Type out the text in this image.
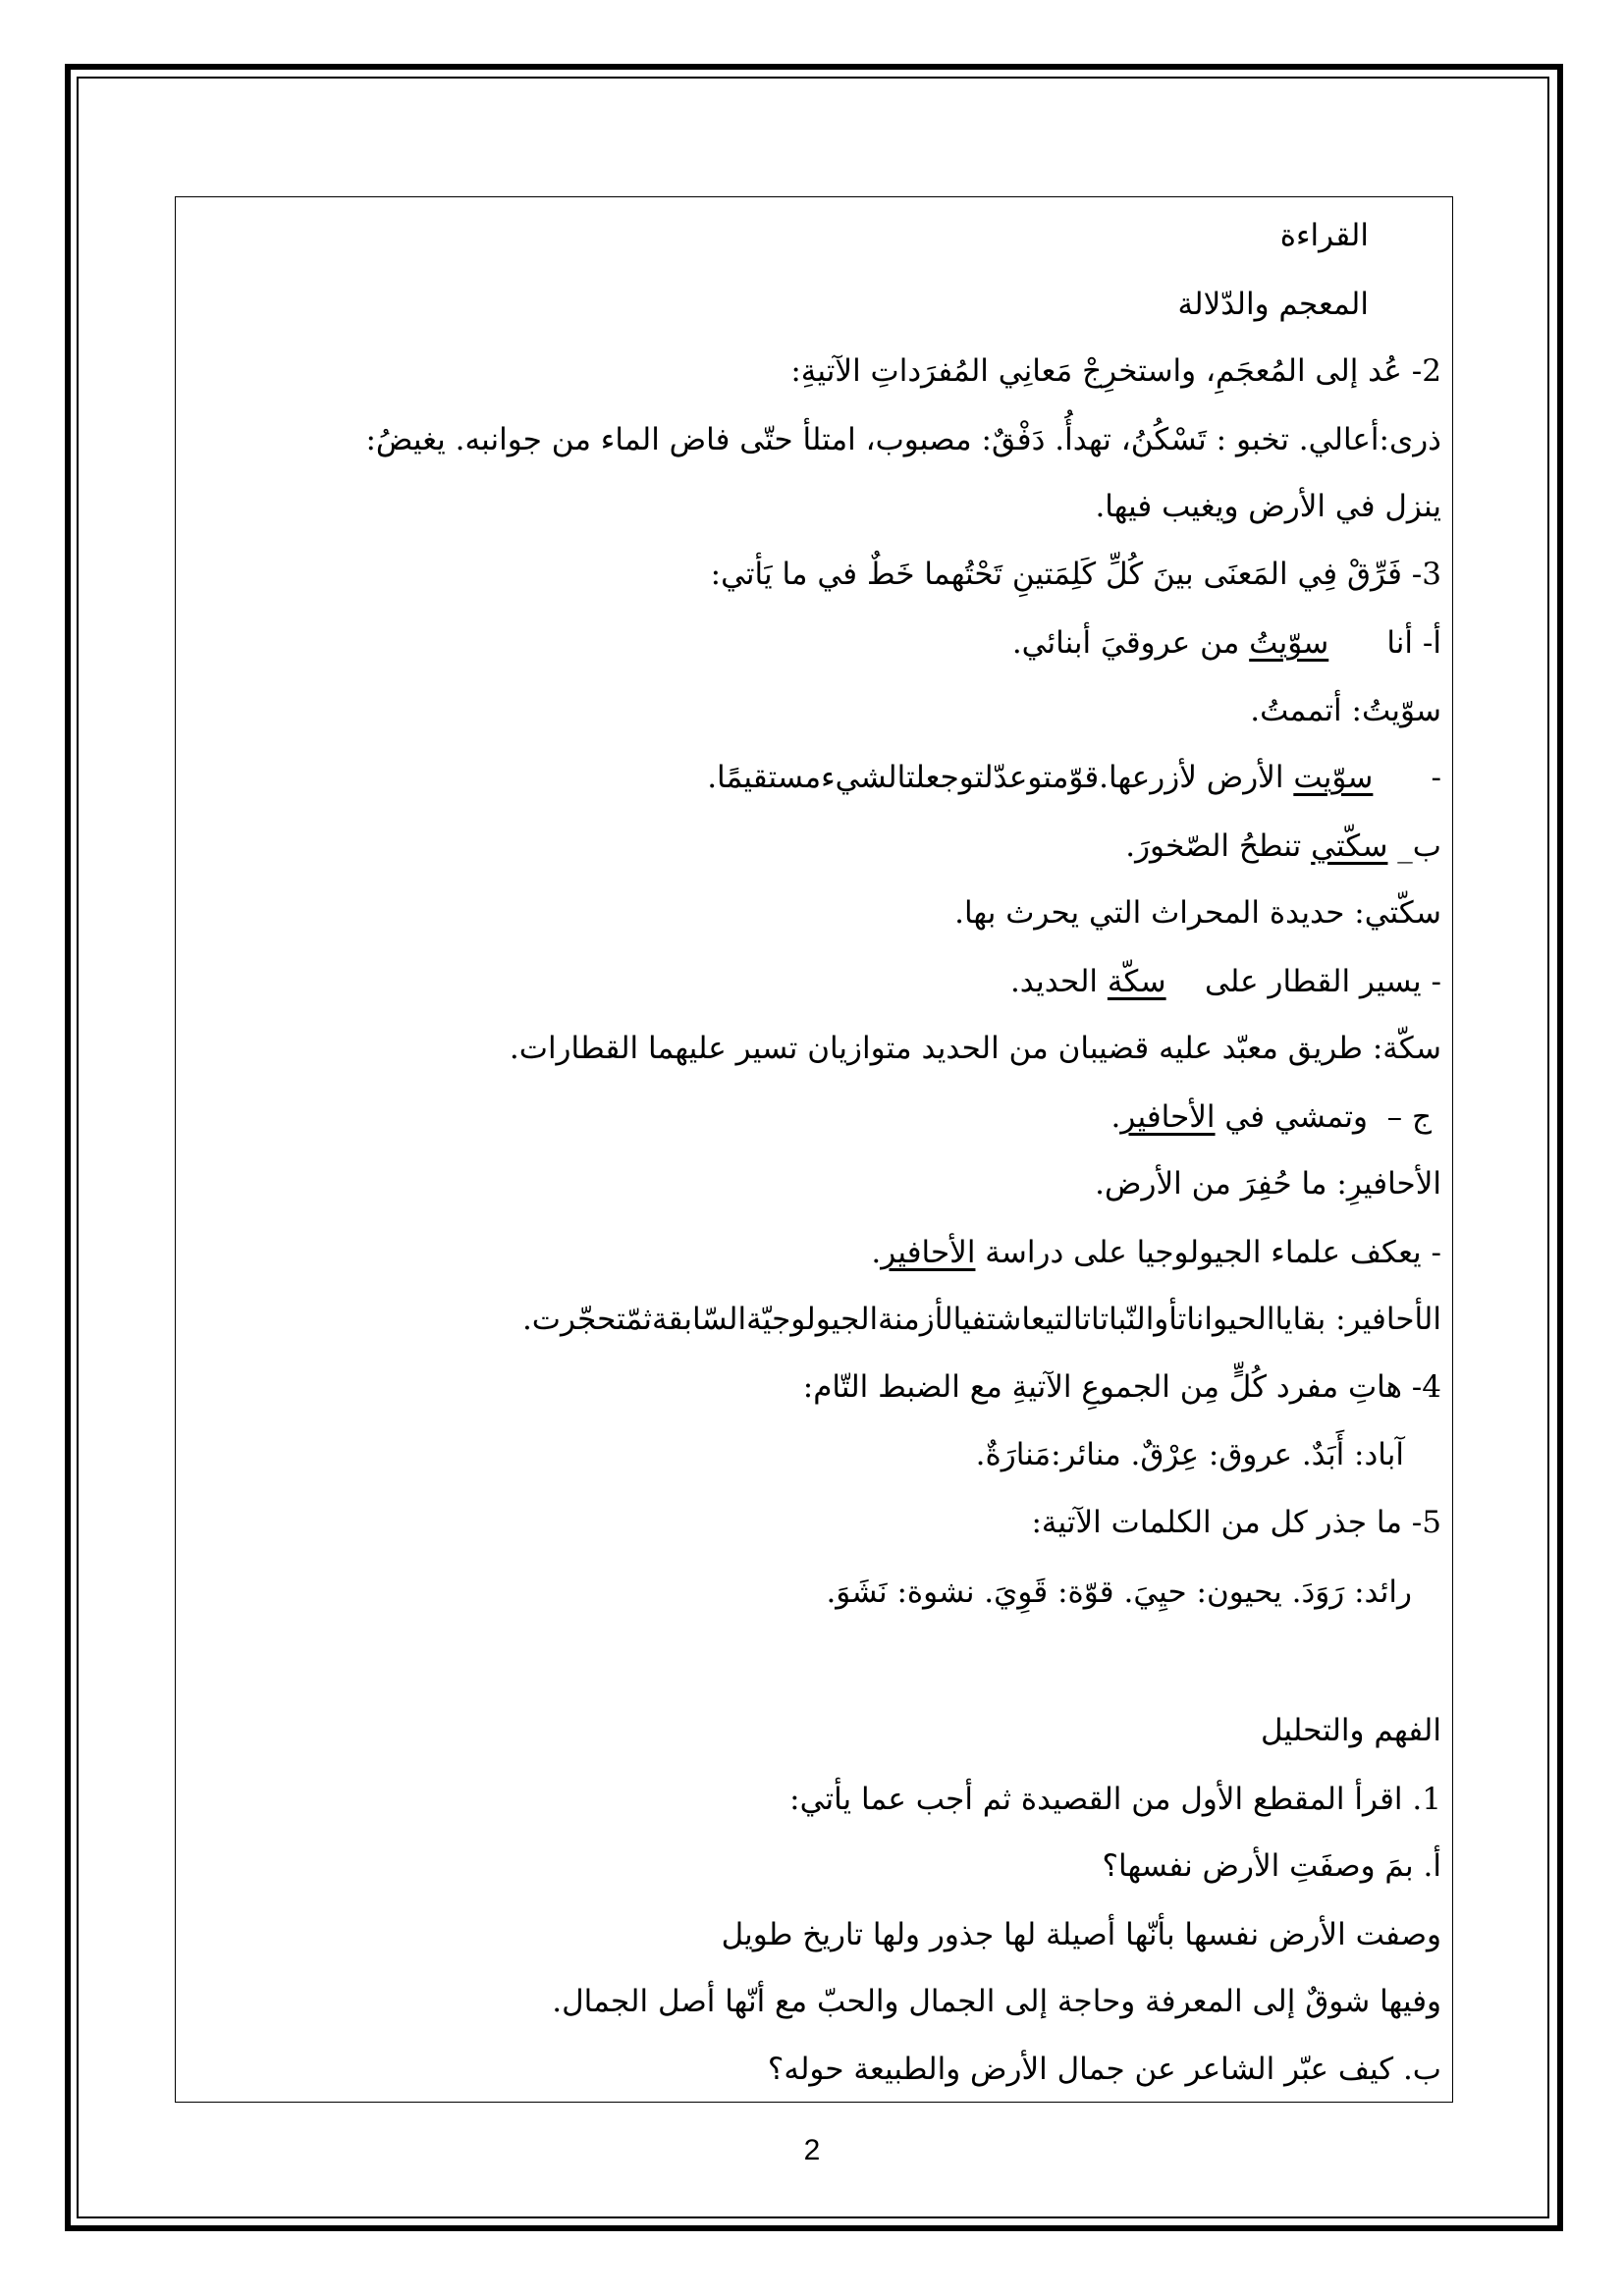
القراءة
المعجم والدّلالة
2- عُد إلى المُعجَمِ، واستخرِجْ مَعانِي المُفرَداتِ الآتيةِ:
ذرى:أعالي. تخبو : تَسْكُنُ، تهدأُ. دَفْقٌ: مصبوب، امتلأ حتّى فاض الماء من جوانبه. يغيضُ:
ينزل في الأرض ويغيب فيها.
3- فَرِّقْ فِي المَعنَى بينَ كُلِّ كَلِمَتينِ تَحْتُهما خَطٌ في ما يَأتي:
أ- أنا      سوّيتُ من عروقيَ أبنائي.
سوّيتُ: أتممتُ.
-      سوّيت الأرض لأزرعها.قوّمتوعدّلتوجعلتالشيءمستقيمًا.
ب_ سكّتي تنطحُ الصّخورَ.
سكّتي: حديدة المحراث التي يحرث بها.
- يسير القطار على    سكّة الحديد.
سكّة: طريق معبّد عليه قضيبان من الحديد متوازيان تسير عليهما القطارات.
ج –  وتمشي في الأحافير.
الأحافيرِ: ما حُفِرَ من الأرض.
- يعكف علماء الجيولوجيا على دراسة الأحافير.
الأحافير: بقاياالحيواناتأوالنّباتاتالتيعاشتفيالأزمنةالجيولوجيّةالسّابقةثمّتحجّرت.
4- هاتِ مفرد كُلٍّ مِن الجموعِ الآتيةِ مع الضبط التّام:
آباد: أَبَدٌ. عروق: عِرْقٌ. منائر:مَنارَةٌ.
5- ما جذر كل من الكلمات الآتية:
رائد: رَوَدَ. يحيون: حيِيَ. قوّة: قَوِيَ. نشوة: نَشَوَ.
الفهم والتحليل
1. اقرأ المقطع الأول من القصيدة ثم أجب عما يأتي:
أ. بمَ وصفَتِ الأرض نفسها؟
وصفت الأرض نفسها بأنّها أصيلة لها جذور ولها تاريخ طويل
وفيها شوقٌ إلى المعرفة وحاجة إلى الجمال والحبّ مع أنّها أصل الجمال.
ب. كيف عبّر الشاعر عن جمال الأرض والطبيعة حوله؟
2
